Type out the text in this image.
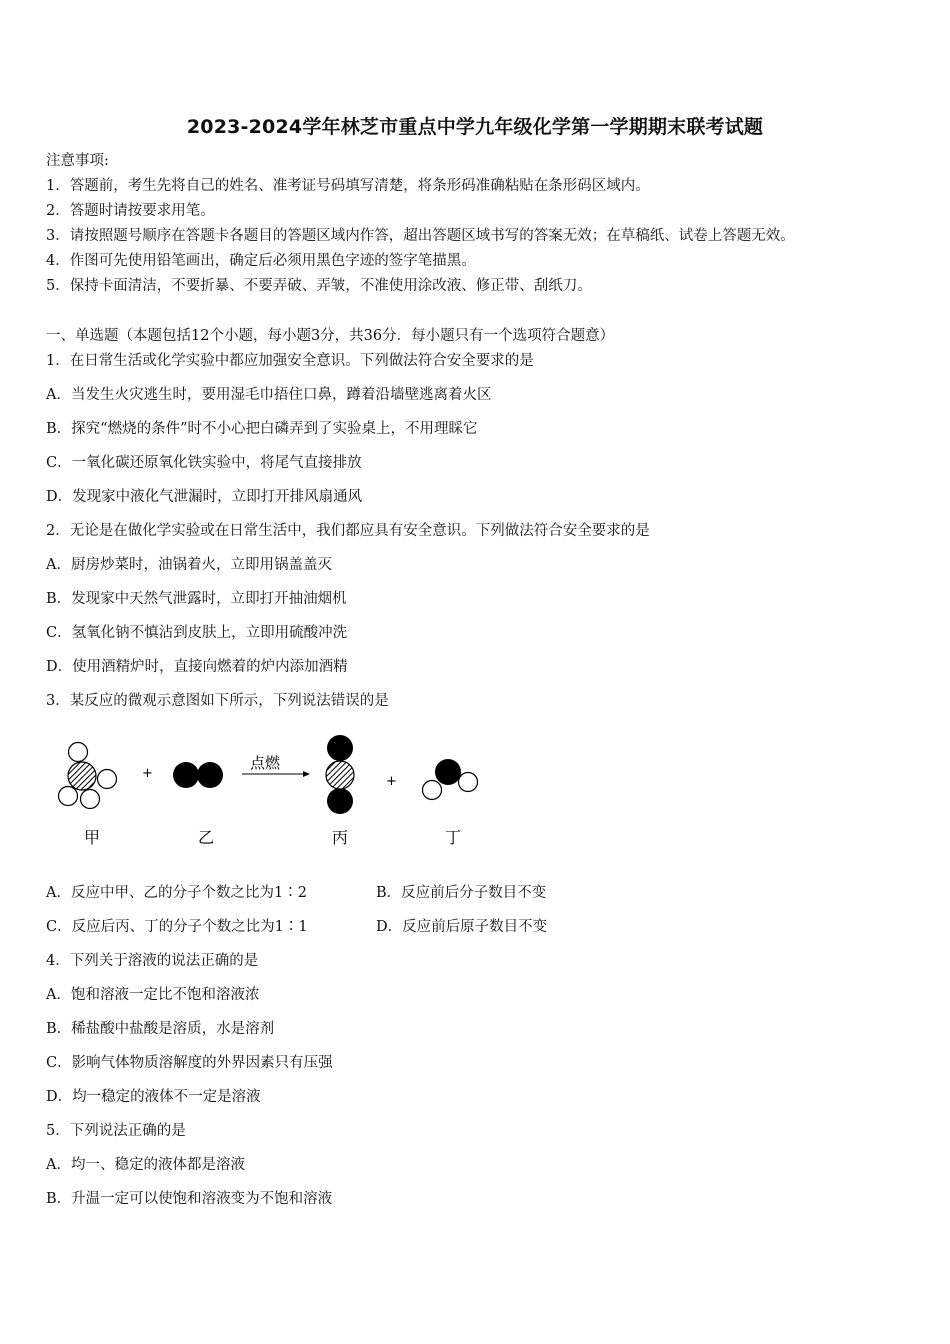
2023-2024学年林芝市重点中学九年级化学第一学期期末联考试题
注意事项:
1．答题前，考生先将自己的姓名、准考证号码填写清楚，将条形码准确粘贴在条形码区域内。
2．答题时请按要求用笔。
3．请按照题号顺序在答题卡各题目的答题区域内作答，超出答题区域书写的答案无效；在草稿纸、试卷上答题无效。
4．作图可先使用铅笔画出，确定后必须用黑色字迹的签字笔描黑。
5．保持卡面清洁，不要折暴、不要弄破、弄皱，不准使用涂改液、修正带、刮纸刀。
一、单选题（本题包括12个小题，每小题3分，共36分．每小题只有一个选项符合题意）
1．在日常生活或化学实验中都应加强安全意识。下列做法符合安全要求的是
A．当发生火灾逃生时，要用湿毛巾捂住口鼻，蹲着沿墙壁逃离着火区
B．探究“燃烧的条件”时不小心把白磷弄到了实验桌上，不用理睬它
C．一氧化碳还原氧化铁实验中，将尾气直接排放
D．发现家中液化气泄漏时，立即打开排风扇通风
2．无论是在做化学实验或在日常生活中，我们都应具有安全意识。下列做法符合安全要求的是
A．厨房炒菜时，油锅着火，立即用锅盖盖灭
B．发现家中天然气泄露时，立即打开抽油烟机
C．氢氧化钠不慎沾到皮肤上，立即用硫酸冲洗
D．使用酒精炉时，直接向燃着的炉内添加酒精
3．某反应的微观示意图如下所示，下列说法错误的是
+
点燃
+
甲	乙	丙	丁
A．反应中甲、乙的分子个数之比为1∶2	B．反应前后分子数目不变
C．反应后丙、丁的分子个数之比为1∶1	D．反应前后原子数目不变
4．下列关于溶液的说法正确的是
A．饱和溶液一定比不饱和溶液浓
B．稀盐酸中盐酸是溶质，水是溶剂
C．影响气体物质溶解度的外界因素只有压强
D．均一稳定的液体不一定是溶液
5．下列说法正确的是
A．均一、稳定的液体都是溶液
B．升温一定可以使饱和溶液变为不饱和溶液
